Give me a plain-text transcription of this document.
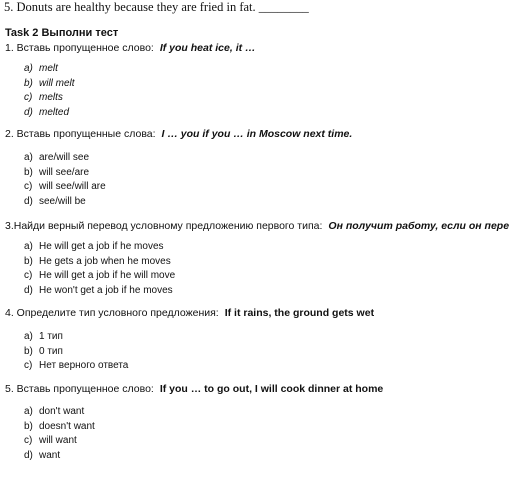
5. Donuts are healthy because they are fried in fat. ________
Task 2 Выполни тест
1. Вставь пропущенное слово: If you heat ice, it …
a) melt
b) will melt
c) melts
d) melted
2. Вставь пропущенные слова: I … you if you … in Moscow next time.
a) are/will see
b) will see/are
c) will see/will are
d) see/will be
3.Найди верный перевод условному предложению первого типа: Он получит работу, если он пере
a) He will get a job if he moves
b) He gets a job when he moves
c) He will get a job if he will move
d) He won't get a job if he moves
4. Определите тип условного предложения: If it rains, the ground gets wet
a) 1 тип
b) 0 тип
c) Нет верного ответа
5. Вставь пропущенное слово: If you … to go out, I will cook dinner at home
a) don't want
b) doesn't want
c) will want
d) want
